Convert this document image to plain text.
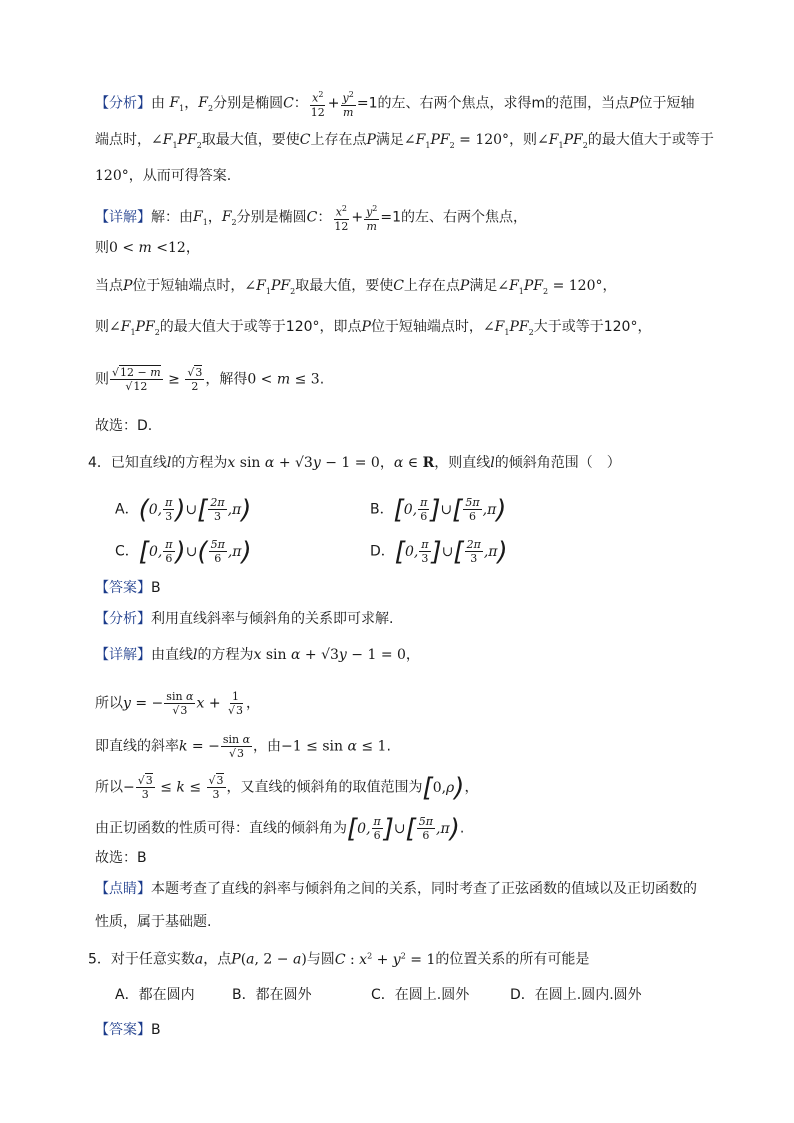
【分析】由 $F_1$，$F_2$分别是椭圆C： $\frac{x^2}{12} + \frac{y^2}{m} =1$的左、右两个焦点，求得m的范围，当点P位于短轴
端点时，$\angle F_1PF_2$取最大值，要使C上存在点P满足$\angle F_1PF_2 = 120^\circ$，则$\angle F_1PF_2$的最大值大于或等于
120°，从而可得答案.
【详解】解：由$F_1$，$F_2$分别是椭圆C： $\frac{x^2}{12} + \frac{y^2}{m} =1$的左、右两个焦点，
则0 < m <12，
当点P位于短轴端点时，$\angle F_1PF_2$取最大值，要使C上存在点P满足$\angle F_1PF_2 = 120^\circ$，
则$\angle F_1PF_2$的最大值大于或等于120°，即点P位于短轴端点时，$\angle F_1PF_2$大于或等于120°，
则 $\frac{√12 - m}{√12} \ge \frac{√3}{2}$ ，解得0 < m ≤ 3.
故选：D.
4．已知直线l的方程为x sin α + √3y − 1 = 0，α ∈ R，则直线l的倾斜角范围（　）
A． ( 0, $\frac{\pi}{3}$ ) ∪ [ $\frac{2\pi}{3} ,\pi$ )	B． [ 0, $\frac{\pi}{6}$ ] ∪ [ $\frac{5\pi}{6} ,\pi$ )
C． [ 0, $\frac{\pi}{6}$ ) ∪ ( $\frac{5\pi}{6} ,\pi$ )	D． [ 0, $\frac{\pi}{3}$ ] ∪ [ $\frac{2\pi}{3} ,\pi$ )
【答案】B
【分析】利用直线斜率与倾斜角的关系即可求解.
【详解】由直线l的方程为x sin α + √3y − 1 = 0，
所以y = − $\frac{\text{sin α}}{√3}$ $x + \frac{1}{√3}$ ，
即直线的斜率k = − $\frac{\text{sin α}}{√3}$ ，由−1 ≤ sin α ≤ 1.
所以− $\frac{√3}{3} \le k \le \frac{√3}{3}$ ，又直线的倾斜角的取值范围为 [ 0, ρ ) ，
由正切函数的性质可得：直线的倾斜角为 [ 0, $\frac{\pi}{6}$ ] ∪ [ $\frac{5\pi}{6} ,\pi$ ) .
故选：B
【点睛】本题考查了直线的斜率与倾斜角之间的关系，同时考查了正弦函数的值域以及正切函数的
性质，属于基础题.
5．对于任意实数a，点P(a, 2 − a)与圆C : $x^2 + y^2 = 1$的位置关系的所有可能是
A．都在圆内	B．都在圆外	C．在圆上.圆外	D．在圆上.圆内.圆外
【答案】B
